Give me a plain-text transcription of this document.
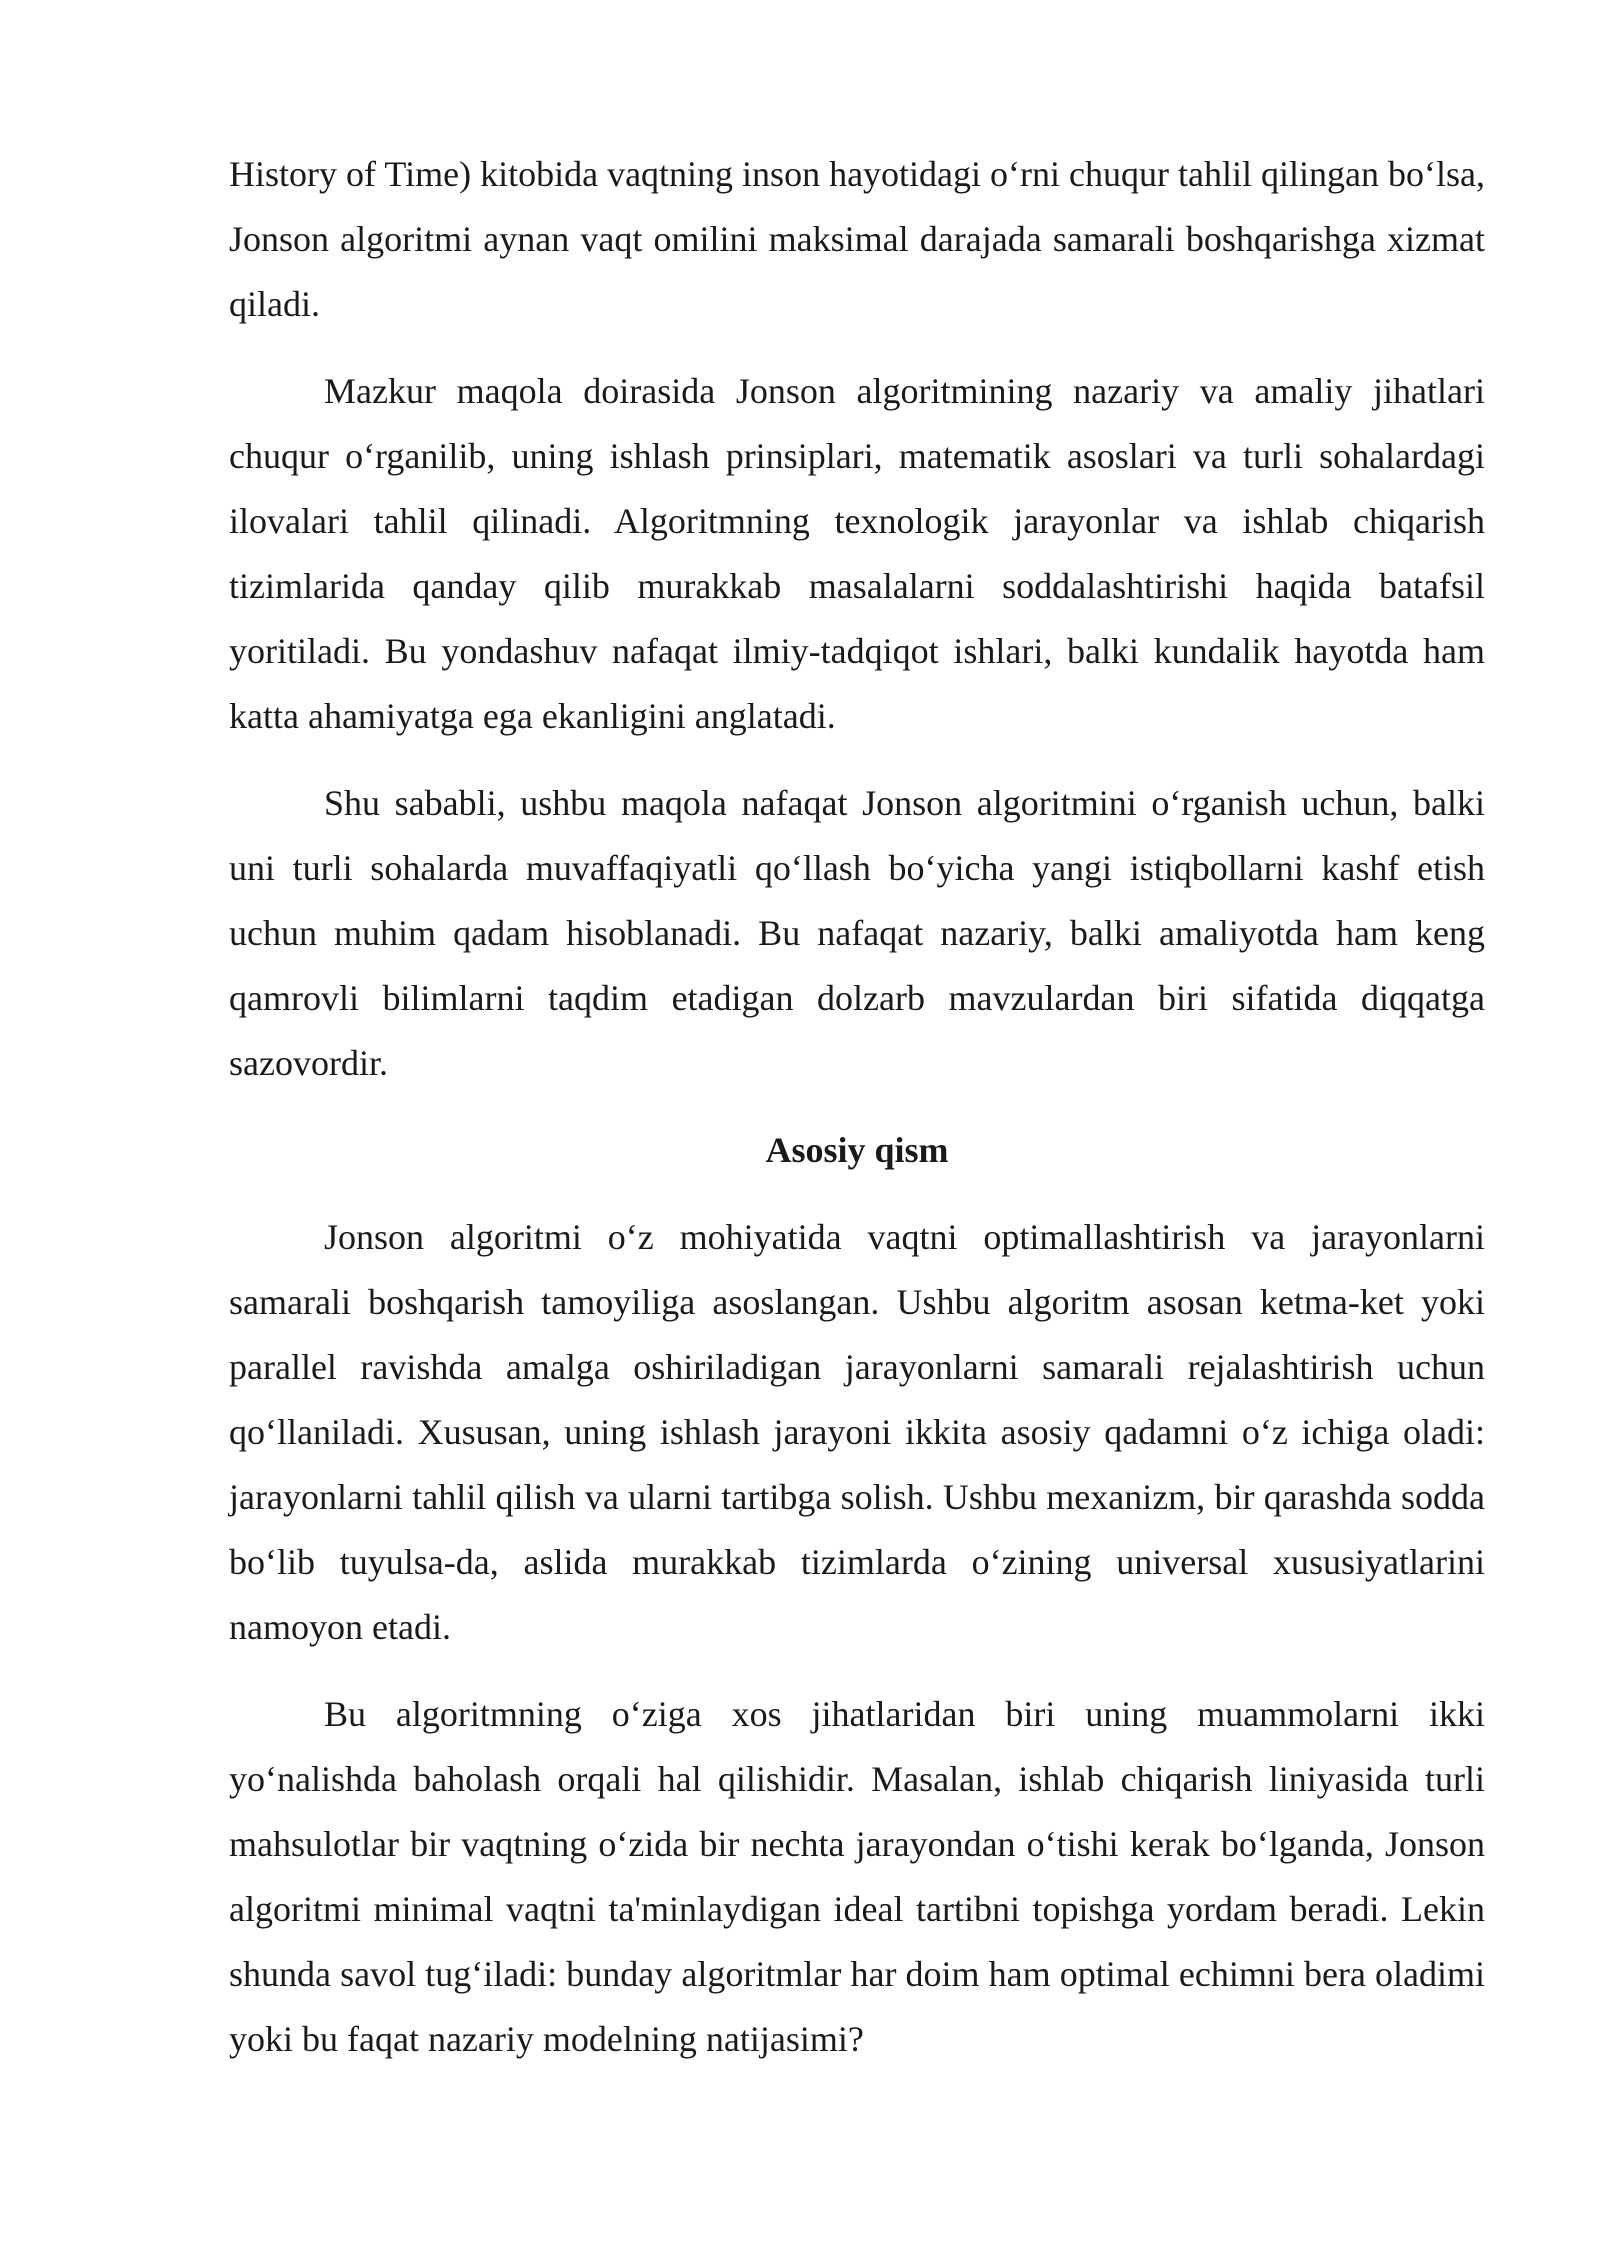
History of Time) kitobida vaqtning inson hayotidagi o‘rni chuqur tahlil qilingan bo‘lsa, Jonson algoritmi aynan vaqt omilini maksimal darajada samarali boshqarishga xizmat qiladi.

Mazkur maqola doirasida Jonson algoritmining nazariy va amaliy jihatlari chuqur o‘rganilib, uning ishlash prinsiplari, matematik asoslari va turli sohalardagi ilovalari tahlil qilinadi. Algoritmning texnologik jarayonlar va ishlab chiqarish tizimlarida qanday qilib murakkab masalalarni soddalashtirishi haqida batafsil yoritiladi. Bu yondashuv nafaqat ilmiy-tadqiqot ishlari, balki kundalik hayotda ham katta ahamiyatga ega ekanligini anglatadi.

Shu sababli, ushbu maqola nafaqat Jonson algoritmini o‘rganish uchun, balki uni turli sohalarda muvaffaqiyatli qo‘llash bo‘yicha yangi istiqbollarni kashf etish uchun muhim qadam hisoblanadi. Bu nafaqat nazariy, balki amaliyotda ham keng qamrovli bilimlarni taqdim etadigan dolzarb mavzulardan biri sifatida diqqatga sazovordir.

Asosiy qism

Jonson algoritmi o‘z mohiyatida vaqtni optimallashtirish va jarayonlarni samarali boshqarish tamoyiliga asoslangan. Ushbu algoritm asosan ketma-ket yoki parallel ravishda amalga oshiriladigan jarayonlarni samarali rejalashtirish uchun qo‘llaniladi. Xususan, uning ishlash jarayoni ikkita asosiy qadamni o‘z ichiga oladi: jarayonlarni tahlil qilish va ularni tartibga solish. Ushbu mexanizm, bir qarashda sodda bo‘lib tuyulsa-da, aslida murakkab tizimlarda o‘zining universal xususiyatlarini namoyon etadi.

Bu algoritmning o‘ziga xos jihatlaridan biri uning muammolarni ikki yo‘nalishda baholash orqali hal qilishidir. Masalan, ishlab chiqarish liniyasida turli mahsulotlar bir vaqtning o‘zida bir nechta jarayondan o‘tishi kerak bo‘lganda, Jonson algoritmi minimal vaqtni ta'minlaydigan ideal tartibni topishga yordam beradi. Lekin shunda savol tug‘iladi: bunday algoritmlar har doim ham optimal echimni bera oladimi yoki bu faqat nazariy modelning natijasimi?
